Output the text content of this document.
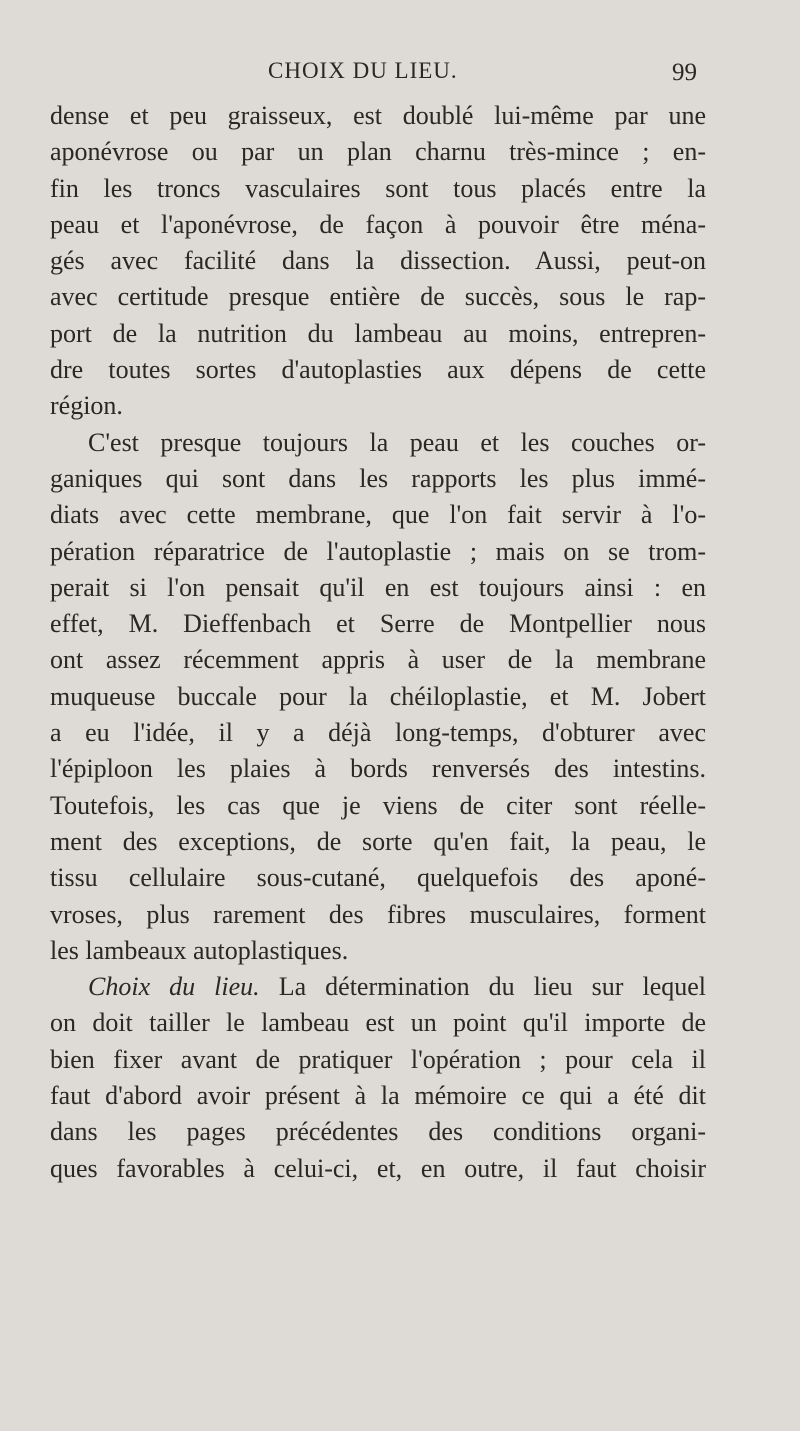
CHOIX DU LIEU.	99
dense et peu graisseux, est doublé lui-même par une
aponévrose ou par un plan charnu très-mince ; en-
fin les troncs vasculaires sont tous placés entre la
peau et l'aponévrose, de façon à pouvoir être ména-
gés avec facilité dans la dissection. Aussi, peut-on
avec certitude presque entière de succès, sous le rap-
port de la nutrition du lambeau au moins, entrepren-
dre toutes sortes d'autoplasties aux dépens de cette
région.
C'est presque toujours la peau et les couches or-
ganiques qui sont dans les rapports les plus immé-
diats avec cette membrane, que l'on fait servir à l'o-
pération réparatrice de l'autoplastie ; mais on se trom-
perait si l'on pensait qu'il en est toujours ainsi : en
effet, M. Dieffenbach et Serre de Montpellier nous
ont assez récemment appris à user de la membrane
muqueuse buccale pour la chéiloplastie, et M. Jobert
a eu l'idée, il y a déjà long-temps, d'obturer avec
l'épiploon les plaies à bords renversés des intestins.
Toutefois, les cas que je viens de citer sont réelle-
ment des exceptions, de sorte qu'en fait, la peau, le
tissu cellulaire sous-cutané, quelquefois des aponé-
vroses, plus rarement des fibres musculaires, forment
les lambeaux autoplastiques.
Choix du lieu. La détermination du lieu sur lequel
on doit tailler le lambeau est un point qu'il importe de
bien fixer avant de pratiquer l'opération ; pour cela il
faut d'abord avoir présent à la mémoire ce qui a été dit
dans les pages précédentes des conditions organi-
ques favorables à celui-ci, et, en outre, il faut choisir
